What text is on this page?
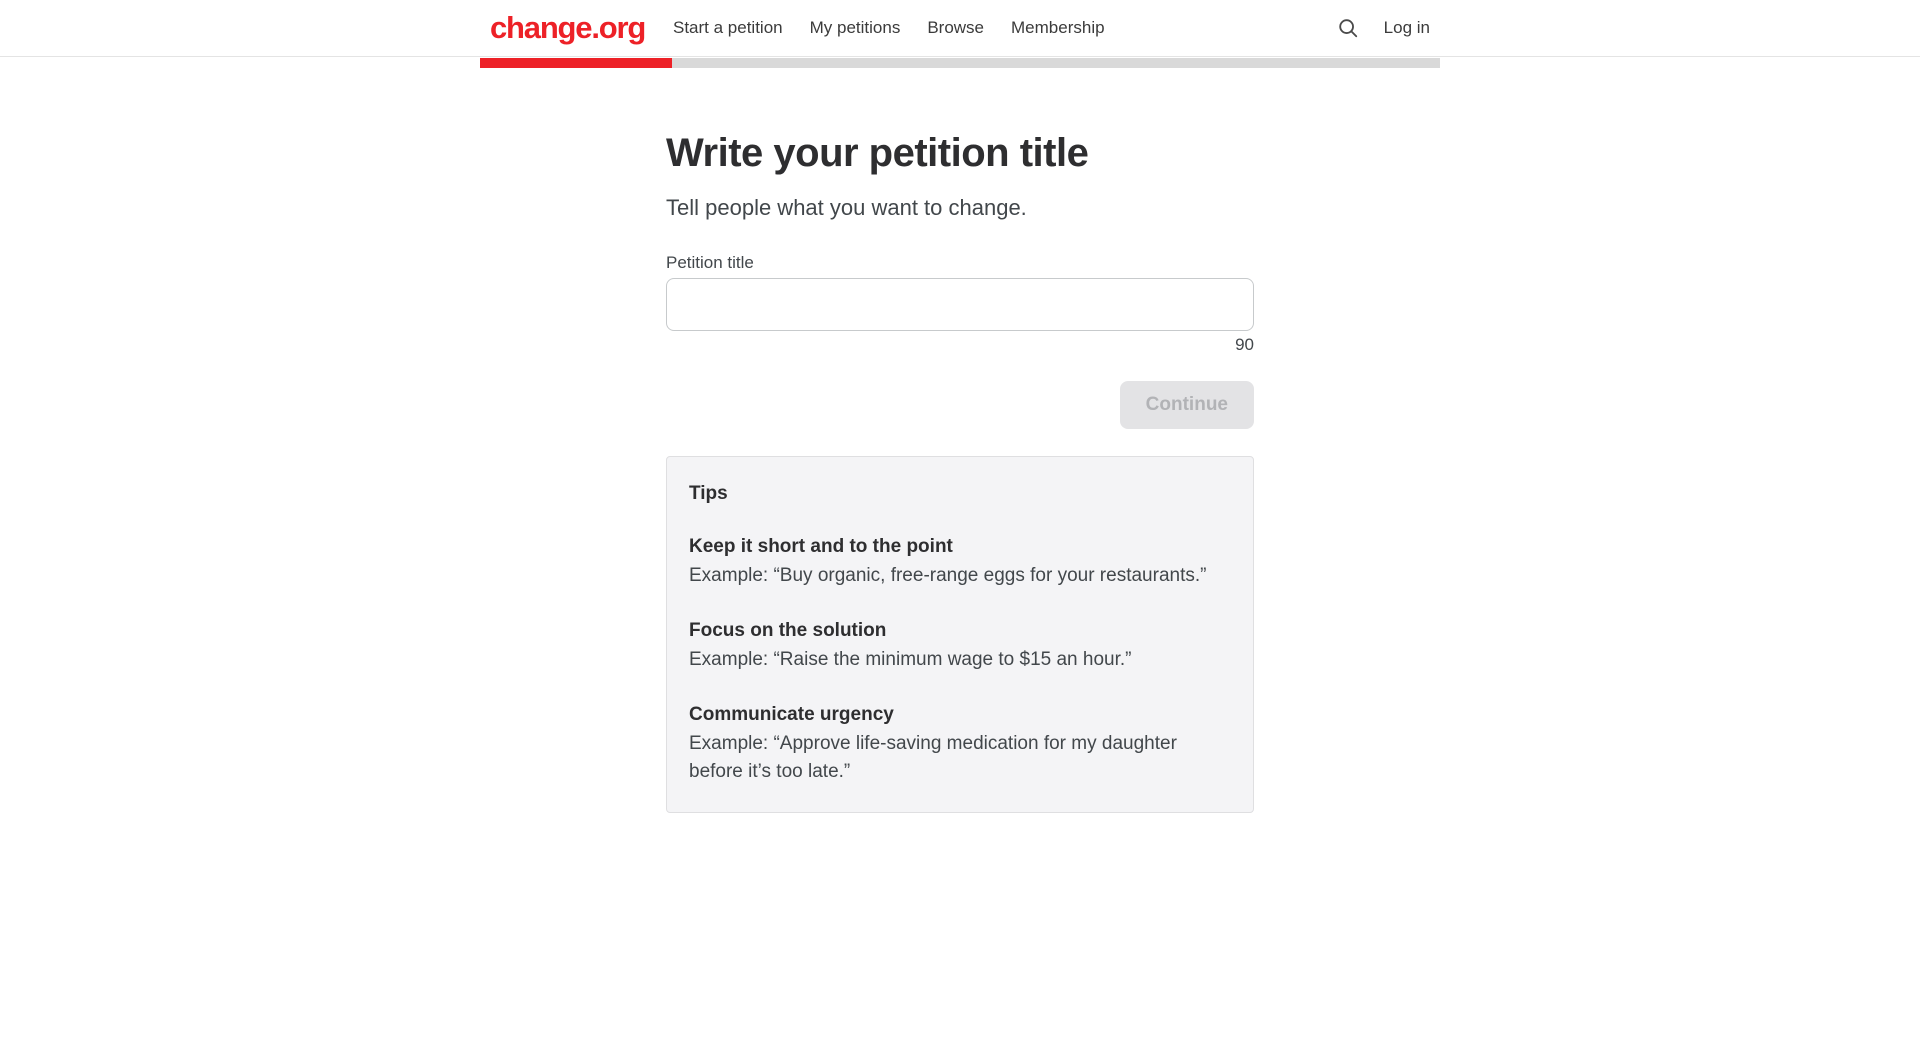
change.org Start a petition My petitions Browse Membership	Log in
Write your petition title
Tell people what you want to change.
Petition title
90
Continue
Tips
Keep it short and to the point
Example: “Buy organic, free-range eggs for your restaurants.”
Focus on the solution
Example: “Raise the minimum wage to $15 an hour.”
Communicate urgency
Example: “Approve life-saving medication for my daughter before it’s too late.”
